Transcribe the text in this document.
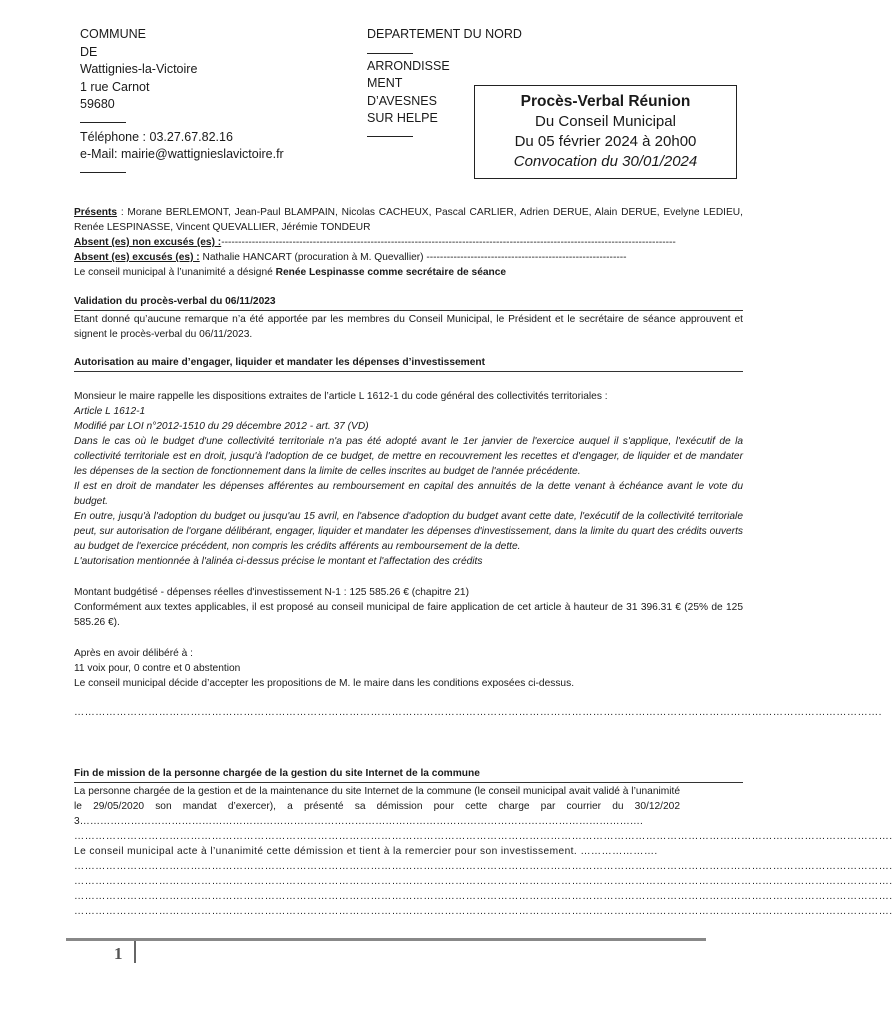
COMMUNE
DE
Wattignies-la-Victoire
1 rue Carnot
59680
Téléphone : 03.27.67.82.16
e-Mail: mairie@wattignieslavictoire.fr
DEPARTEMENT DU NORD
ARRONDISSE
MENT
D’AVESNES
SUR HELPE
Procès-Verbal Réunion
Du Conseil Municipal
Du 05 février 2024 à 20h00
Convocation du 30/01/2024
Présents : Morane BERLEMONT, Jean-Paul BLAMPAIN, Nicolas CACHEUX, Pascal CARLIER, Adrien DERUE, Alain DERUE, Evelyne LEDIEU, Renée LESPINASSE, Vincent QUEVALLIER, Jérémie TONDEUR
Absent (es) non excusés (es) :--------------------------------------------------------------------------------------------------------------------------------------
Absent (es) excusés (es) : Nathalie HANCART (procuration à M. Quevallier) -----------------------------------------------------------
Le conseil municipal à l’unanimité a désigné Renée Lespinasse comme secrétaire de séance
Validation du procès-verbal du 06/11/2023
Etant donné qu’aucune remarque n’a été apportée par les membres du Conseil Municipal, le Président et le secrétaire de séance approuvent et signent le procès-verbal du 06/11/2023.
Autorisation au maire d’engager, liquider et mandater les dépenses d’investissement
Monsieur le maire rappelle les dispositions extraites de l’article L 1612-1 du code général des collectivités territoriales :
Article L 1612-1
Modifié par LOI n°2012-1510 du 29 décembre 2012 - art. 37 (VD)
Dans le cas où le budget d'une collectivité territoriale n'a pas été adopté avant le 1er janvier de l'exercice auquel il s'applique, l'exécutif de la collectivité territoriale est en droit, jusqu'à l'adoption de ce budget, de mettre en recouvrement les recettes et d'engager, de liquider et de mandater les dépenses de la section de fonctionnement dans la limite de celles inscrites au budget de l'année précédente.
Il est en droit de mandater les dépenses afférentes au remboursement en capital des annuités de la dette venant à échéance avant le vote du budget.
En outre, jusqu'à l'adoption du budget ou jusqu'au 15 avril, en l'absence d'adoption du budget avant cette date, l'exécutif de la collectivité territoriale peut, sur autorisation de l'organe délibérant, engager, liquider et mandater les dépenses d'investissement, dans la limite du quart des crédits ouverts au budget de l'exercice précédent, non compris les crédits afférents au remboursement de la dette.
L'autorisation mentionnée à l'alinéa ci-dessus précise le montant et l'affectation des crédits
Montant budgétisé - dépenses réelles d'investissement N-1 : 125 585.26 € (chapitre 21)
Conformément aux textes applicables, il est proposé au conseil municipal de faire application de cet article à hauteur de 31 396.31 € (25% de 125 585.26 €).
Après en avoir délibéré à :
11 voix pour, 0 contre et 0 abstention
Le conseil municipal décide d’accepter les propositions de M. le maire dans les conditions exposées ci-dessus.
………………………………………………………………………………………………………………………………………………………………………………………………………….
Fin de mission de la personne chargée de la gestion du site Internet de la commune
La personne chargée de la gestion et de la maintenance du site Internet de la commune (le conseil municipal avait validé à l’unanimité le 29/05/2020 son mandat d’exercer), a présenté sa démission pour cette charge par courrier du 30/12/2023………………………………………………………………………………………………………………………………………………….
…………………………………………………………………………………………………………………………………………………………………………………………………………….
Le conseil municipal acte à l’unanimité cette démission et tient à la remercier pour son investissement. ………………….
…………………………………………………………………………………………………………………………………………………………………………………………………………….
…………………………………………………………………………………………………………………………………………………………………………………………………………….
…………………………………………………………………………………………………………………………………………………………………………………………………………….
…………………………………………………………………………………………………………………………………………………………………………………………………………….
1
